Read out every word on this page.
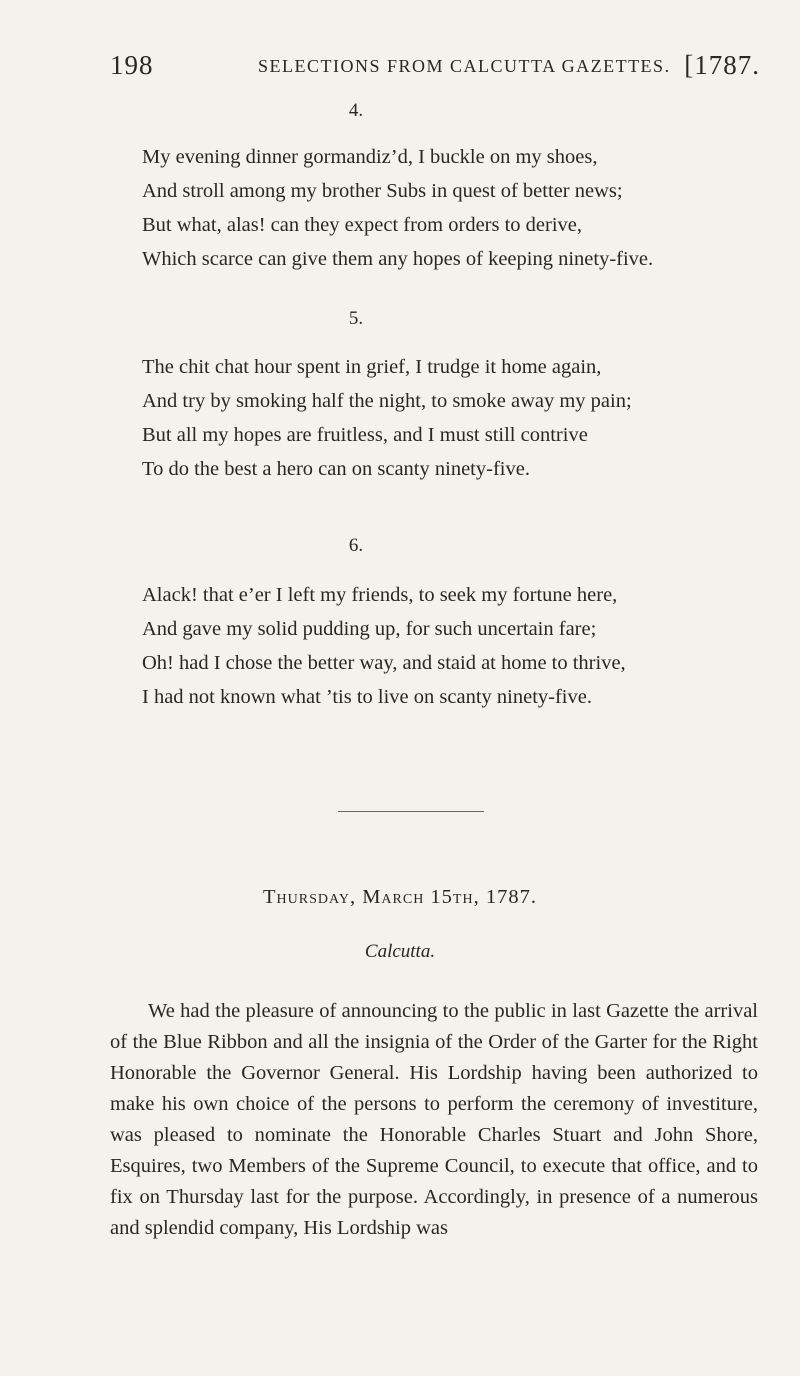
198	SELECTIONS FROM CALCUTTA GAZETTES. [1787.
4.
My evening dinner gormandiz’d, I buckle on my shoes,
And stroll among my brother Subs in quest of better news;
But what, alas! can they expect from orders to derive,
Which scarce can give them any hopes of keeping ninety-five.
5.
The chit chat hour spent in grief, I trudge it home again,
And try by smoking half the night, to smoke away my pain;
But all my hopes are fruitless, and I must still contrive
To do the best a hero can on scanty ninety-five.
6.
Alack! that e’er I left my friends, to seek my fortune here,
And gave my solid pudding up, for such uncertain fare;
Oh! had I chose the better way, and staid at home to thrive,
I had not known what ’tis to live on scanty ninety-five.
Thursday, March 15th, 1787.
Calcutta.

We had the pleasure of announcing to the public in last Gazette the arrival of the Blue Ribbon and all the insignia of the Order of the Garter for the Right Honorable the Governor General. His Lordship having been authorized to make his own choice of the persons to perform the ceremony of investiture, was pleased to nominate the Honorable Charles Stuart and John Shore, Esquires, two Members of the Supreme Council, to execute that office, and to fix on Thursday last for the purpose. Accordingly, in presence of a numerous and splendid company, His Lordship was
